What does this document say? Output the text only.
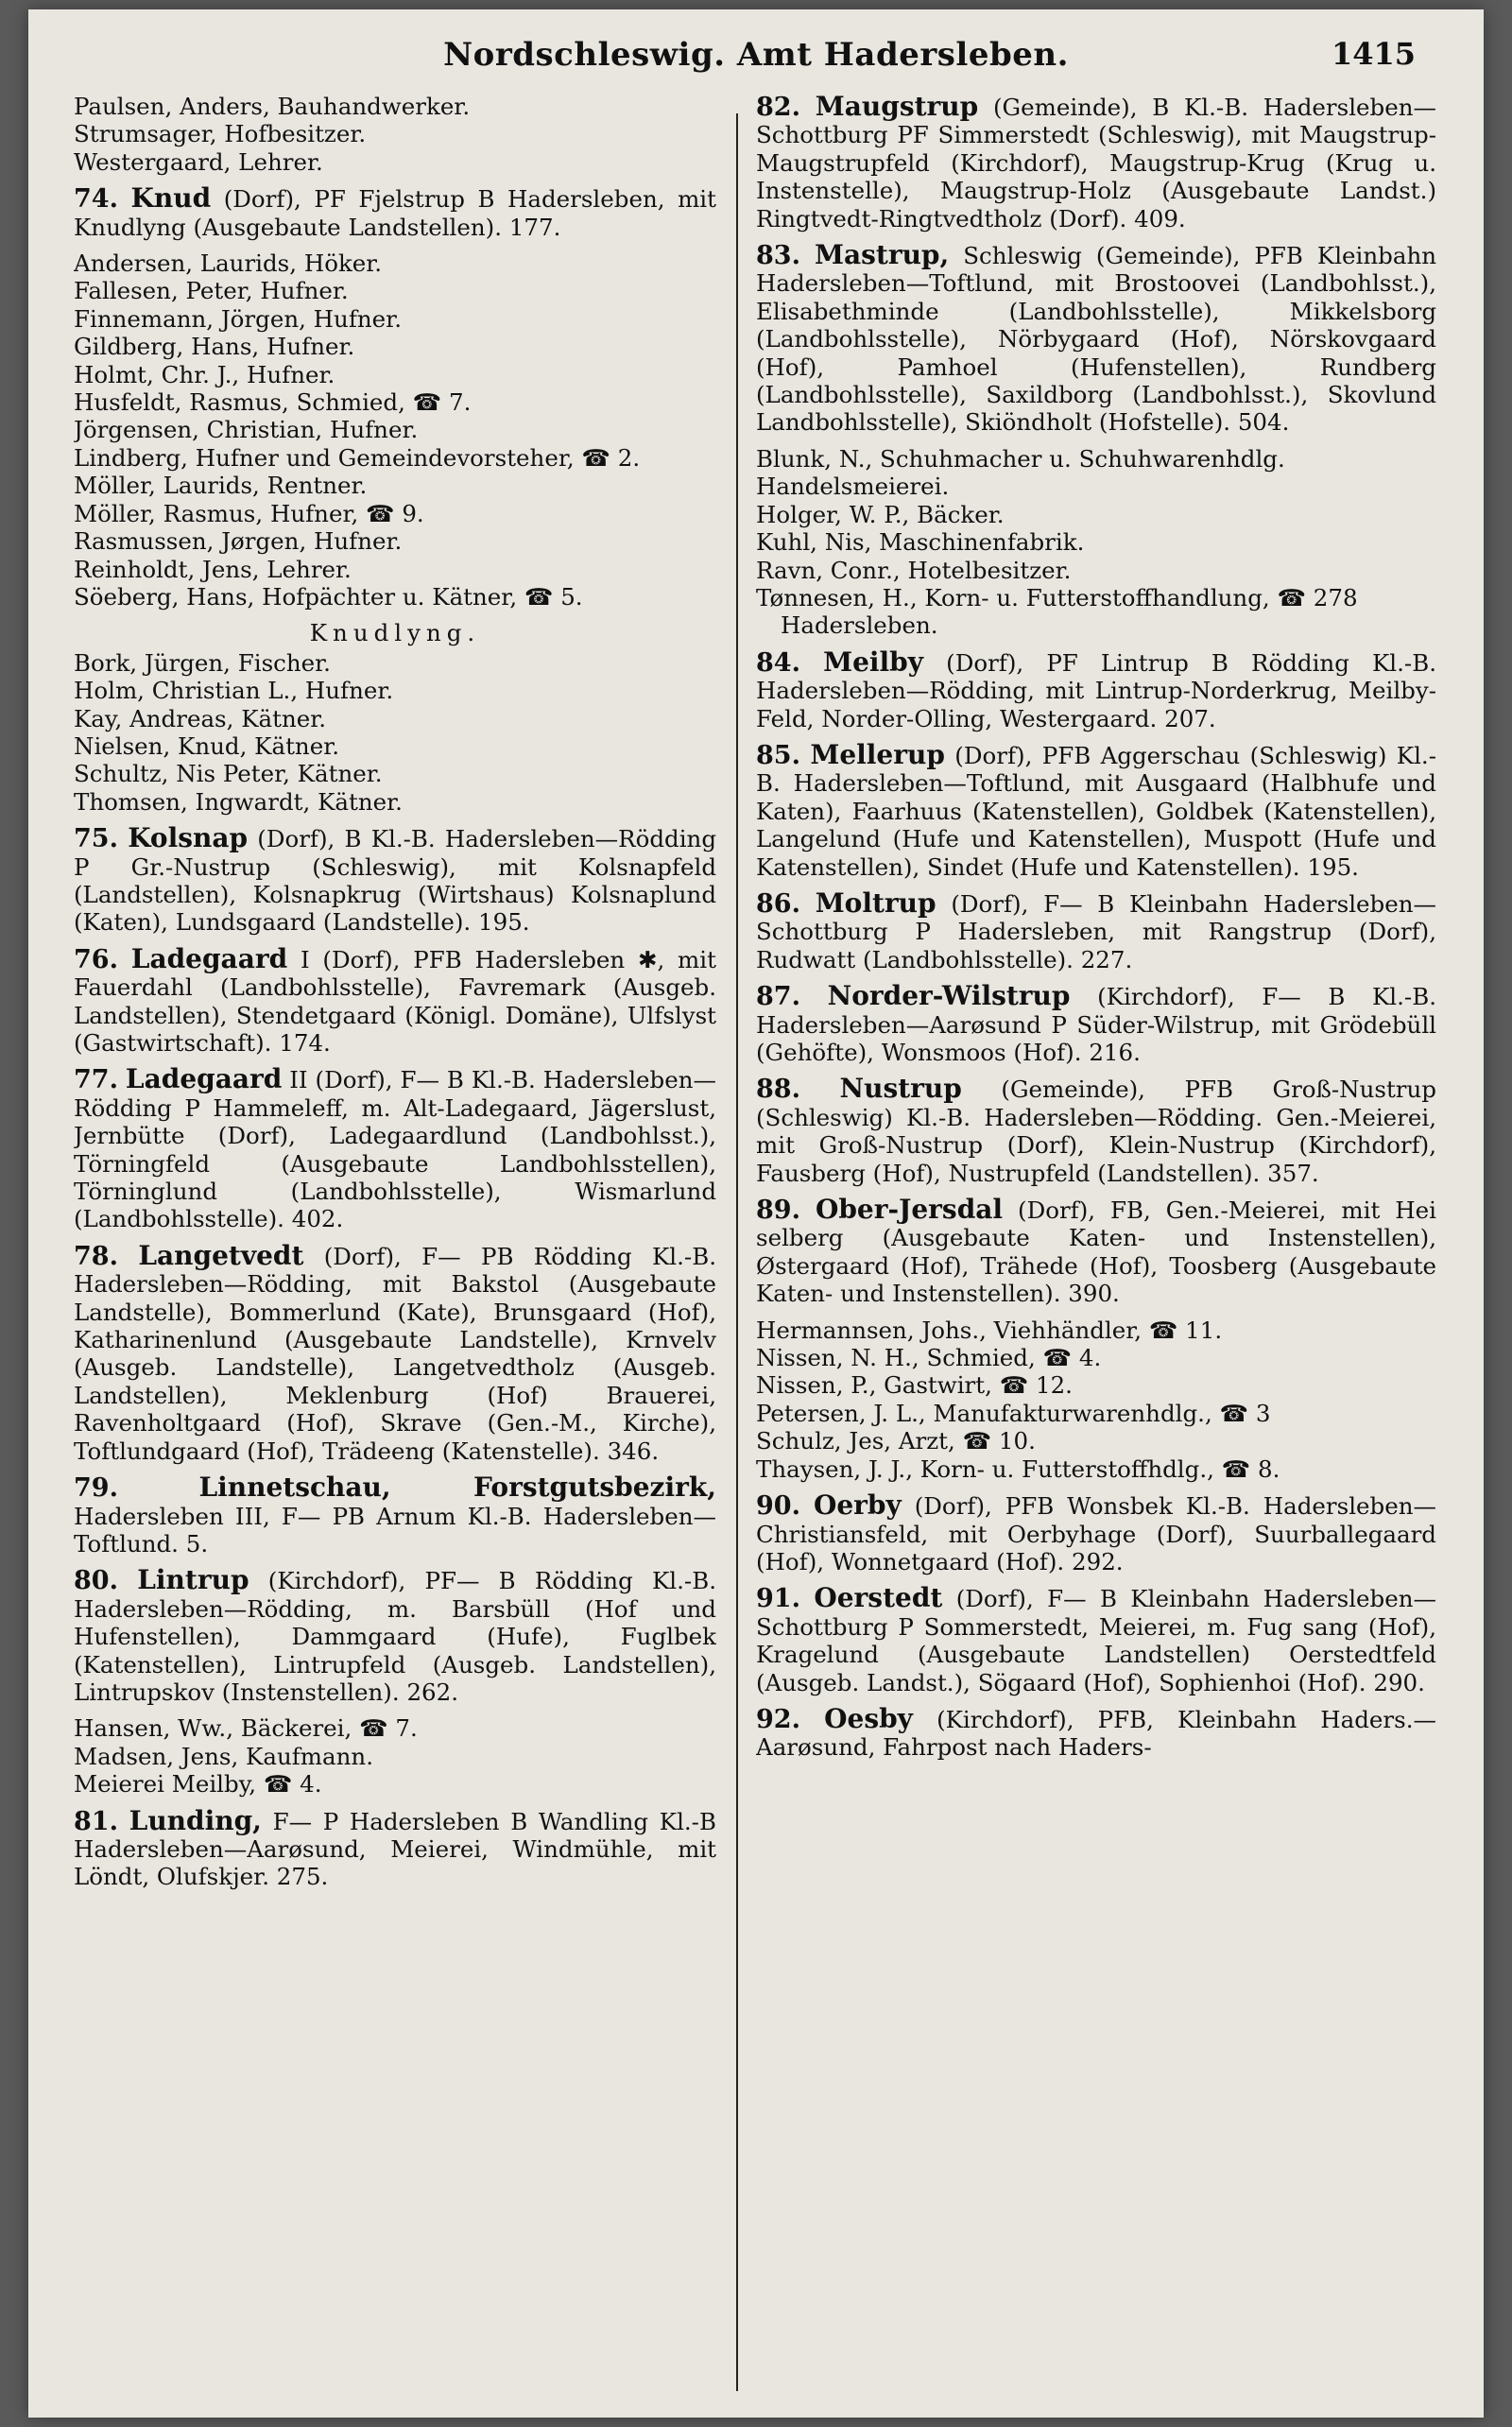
Nordschleswig. Amt Hadersleben.	1415

Paulsen, Anders, Bauhandwerker.

Strumsager, Hofbesitzer.

Westergaard, Lehrer.

74. Knud (Dorf), PF Fjelstrup B Hadersleben, mit Knudlyng (Ausgebaute Landstellen). 177.

Andersen, Laurids, Höker.

Fallesen, Peter, Hufner.

Finnemann, Jörgen, Hufner.

Gildberg, Hans, Hufner.

Holmt, Chr. J., Hufner.

Husfeldt, Rasmus, Schmied, ☎ 7.

Jörgensen, Christian, Hufner.

Lindberg, Hufner und Gemeindevorsteher, ☎ 2.

Möller, Laurids, Rentner.

Möller, Rasmus, Hufner, ☎ 9.

Rasmussen, Jørgen, Hufner.

Reinholdt, Jens, Lehrer.

Söeberg, Hans, Hofpächter u. Kätner, ☎ 5.

Knudlyng.

Bork, Jürgen, Fischer.

Holm, Christian L., Hufner.

Kay, Andreas, Kätner.

Nielsen, Knud, Kätner.

Schultz, Nis Peter, Kätner.

Thomsen, Ingwardt, Kätner.

75. Kolsnap (Dorf), B Kl.-B. Hadersleben—Rödding P Gr.-Nustrup (Schleswig), mit Kolsnapfeld (Landstellen), Kolsnapkrug (Wirtshaus) Kolsnaplund (Katen), Lundsgaard (Landstelle). 195.

76. Ladegaard I (Dorf), PFB Hadersleben ✱, mit Fauerdahl (Landbohlsstelle), Favremark (Ausgeb. Landstellen), Stendetgaard (Königl. Domäne), Ulfslyst (Gastwirtschaft). 174.

77. Ladegaard II (Dorf), F— B Kl.-B. Hadersleben—Rödding P Hammeleff, m. Alt-Ladegaard, Jägerslust, Jernbütte (Dorf), Ladegaardlund (Landbohlsst.), Törningfeld (Ausgebaute Landbohlsstellen), Törninglund (Landbohlsstelle), Wismarlund (Landbohlsstelle). 402.

78. Langetvedt (Dorf), F— PB Rödding Kl.-B. Hadersleben—Rödding, mit Bakstol (Ausgebaute Landstelle), Bommerlund (Kate), Brunsgaard (Hof), Katharinenlund (Ausgebaute Landstelle), Krnvelv (Ausgeb. Landstelle), Langetvedtholz (Ausgeb. Landstellen), Meklenburg (Hof) Brauerei, Ravenholtgaard (Hof), Skrave (Gen.-M., Kirche), Toftlundgaard (Hof), Trädeeng (Katenstelle). 346.

79.	Linnetschau, Forstgutsbezirk, Hadersleben III, F— PB Arnum Kl.-B. Hadersleben—Toftlund. 5.

80. Lintrup (Kirchdorf), PF— B Rödding Kl.-B. Hadersleben—Rödding, m. Barsbüll (Hof und Hufenstellen), Dammgaard (Hufe), Fuglbek (Katenstellen), Lintrupfeld (Ausgeb. Landstellen), Lintrupskov (Instenstellen). 262.

Hansen, Ww., Bäckerei, ☎ 7.

Madsen, Jens, Kaufmann.

Meierei Meilby, ☎ 4.

81. Lunding, F— P Hadersleben B Wandling Kl.-B Hadersleben—Aarøsund, Meierei, Windmühle, mit Löndt, Olufskjer. 275.

82. Maugstrup (Gemeinde), B Kl.-B. Hadersleben—Schottburg PF Simmerstedt (Schleswig), mit Maugstrup-Maugstrupfeld (Kirchdorf), Maugstrup-Krug (Krug u. Instenstelle), Maugstrup-Holz (Ausgebaute Landst.) Ringtvedt-Ringtvedtholz (Dorf). 409.

83. Mastrup, Schleswig (Gemeinde), PFB Kleinbahn Hadersleben—Toftlund, mit Brostoovei (Landbohlsst.), Elisabethminde (Landbohlsstelle), Mikkelsborg (Landbohlsstelle), Nörbygaard (Hof), Nörskovgaard (Hof), Pamhoel (Hufenstellen), Rundberg (Landbohlsstelle), Saxildborg (Landbohlsst.), Skovlund Landbohlsstelle), Skiöndholt (Hofstelle). 504.

Blunk, N., Schuhmacher u. Schuhwarenhdlg.

Handelsmeierei.

Holger, W. P., Bäcker.

Kuhl, Nis, Maschinenfabrik.

Ravn, Conr., Hotelbesitzer.

Tønnesen, H., Korn- u. Futterstoffhandlung, ☎ 278 Hadersleben.

84. Meilby (Dorf), PF Lintrup B Rödding Kl.-B. Hadersleben—Rödding, mit Lintrup-Norderkrug, Meilby-Feld, Norder-Olling, Westergaard. 207.

85. Mellerup (Dorf), PFB Aggerschau (Schleswig) Kl.-B. Hadersleben—Toftlund, mit Ausgaard (Halbhufe und Katen), Faarhuus (Katenstellen), Goldbek (Katenstellen), Langelund (Hufe und Katenstellen), Muspott (Hufe und Katenstellen), Sindet (Hufe und Katenstellen). 195.

86. Moltrup (Dorf), F— B Kleinbahn Hadersleben—Schottburg P Hadersleben, mit Rangstrup (Dorf), Rudwatt (Landbohlsstelle). 227.

87. Norder-Wilstrup (Kirchdorf), F— B Kl.-B. Hadersleben—Aarøsund P Süder-Wilstrup, mit Grödebüll (Gehöfte), Wonsmoos (Hof). 216.

88. Nustrup (Gemeinde), PFB Groß-Nustrup (Schleswig) Kl.-B. Hadersleben—Rödding. Gen.-Meierei, mit Groß-Nustrup (Dorf), Klein-Nustrup (Kirchdorf), Fausberg (Hof), Nustrupfeld (Landstellen). 357.

89. Ober-Jersdal (Dorf), FB, Gen.-Meierei, mit Hei selberg (Ausgebaute Katen- und Instenstellen), Østergaard (Hof), Trähede (Hof), Toosberg (Ausgebaute Katen- und Instenstellen). 390.

Hermannsen, Johs., Viehhändler, ☎ 11.

Nissen, N. H., Schmied, ☎ 4.

Nissen, P., Gastwirt, ☎ 12.

Petersen, J. L., Manufakturwarenhdlg., ☎ 3

Schulz, Jes, Arzt, ☎ 10.

Thaysen, J. J., Korn- u. Futterstoffhdlg., ☎ 8.

90. Oerby (Dorf), PFB Wonsbek Kl.-B. Hadersleben—Christiansfeld, mit Oerbyhage (Dorf), Suurballegaard (Hof), Wonnetgaard (Hof). 292.

91. Oerstedt (Dorf), F— B Kleinbahn Hadersleben—Schottburg P Sommerstedt, Meierei, m. Fug sang (Hof), Kragelund (Ausgebaute Landstellen) Oerstedtfeld (Ausgeb. Landst.), Sögaard (Hof), Sophienhoi (Hof). 290.

92. Oesby (Kirchdorf), PFB, Kleinbahn Haders.—Aarøsund, Fahrpost nach Haders-
